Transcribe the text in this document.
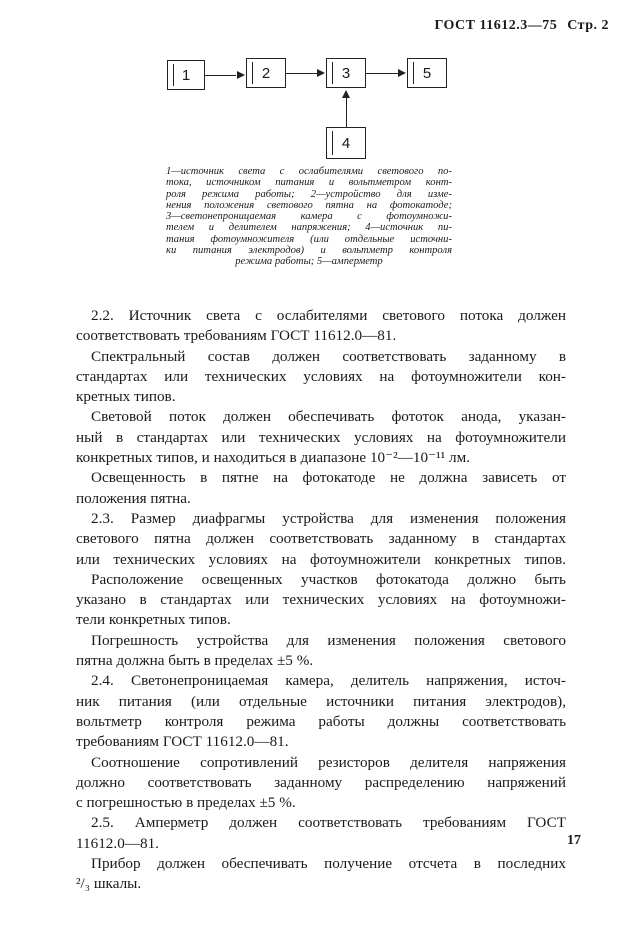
ГОСТ 11612.3—75 Стр. 2
1	2	3	5
4
1—источник света с ослабителями светового по-
тока, источником питания и вольтметром конт-
роля режима работы; 2—устройство для изме-
нения положения светового пятна на фотокатоде;
3—светонепроницаемая камера с фотоумножи-
телем и делителем напряжения; 4—источник пи-
тания фотоумножителя (или отдельные источни-
ки питания электродов) и вольтметр контроля
режима работы; 5—амперметр
2.2. Источник света с ослабителями светового потока должен
соответствовать требованиям ГОСТ 11612.0—81.
Спектральный состав должен соответствовать заданному в
стандартах или технических условиях на фотоумножители кон-
кретных типов.
Световой поток должен обеспечивать фототок анода, указан-
ный в стандартах или технических условиях на фотоумножители
конкретных типов, и находиться в диапазоне 10⁻²—10⁻¹¹ лм.
Освещенность в пятне на фотокатоде не должна зависеть от
положения пятна.
2.3. Размер диафрагмы устройства для изменения положения
светового пятна должен соответствовать заданному в стандартах
или технических условиях на фотоумножители конкретных типов.
Расположение освещенных участков фотокатода должно быть
указано в стандартах или технических условиях на фотоумножи-
тели конкретных типов.
Погрешность устройства для изменения положения светового
пятна должна быть в пределах ±5 %.
2.4. Светонепроницаемая камера, делитель напряжения, источ-
ник питания (или отдельные источники питания электродов),
вольтметр контроля режима работы должны соответствовать
требованиям ГОСТ 11612.0—81.
Соотношение сопротивлений резисторов делителя напряжения
должно соответствовать заданному распределению напряжений
с погрешностью в пределах ±5 %.
2.5. Амперметр должен соответствовать требованиям ГОСТ
11612.0—81.
Прибор должен обеспечивать получение отсчета в последних
²/₃ шкалы.
17
